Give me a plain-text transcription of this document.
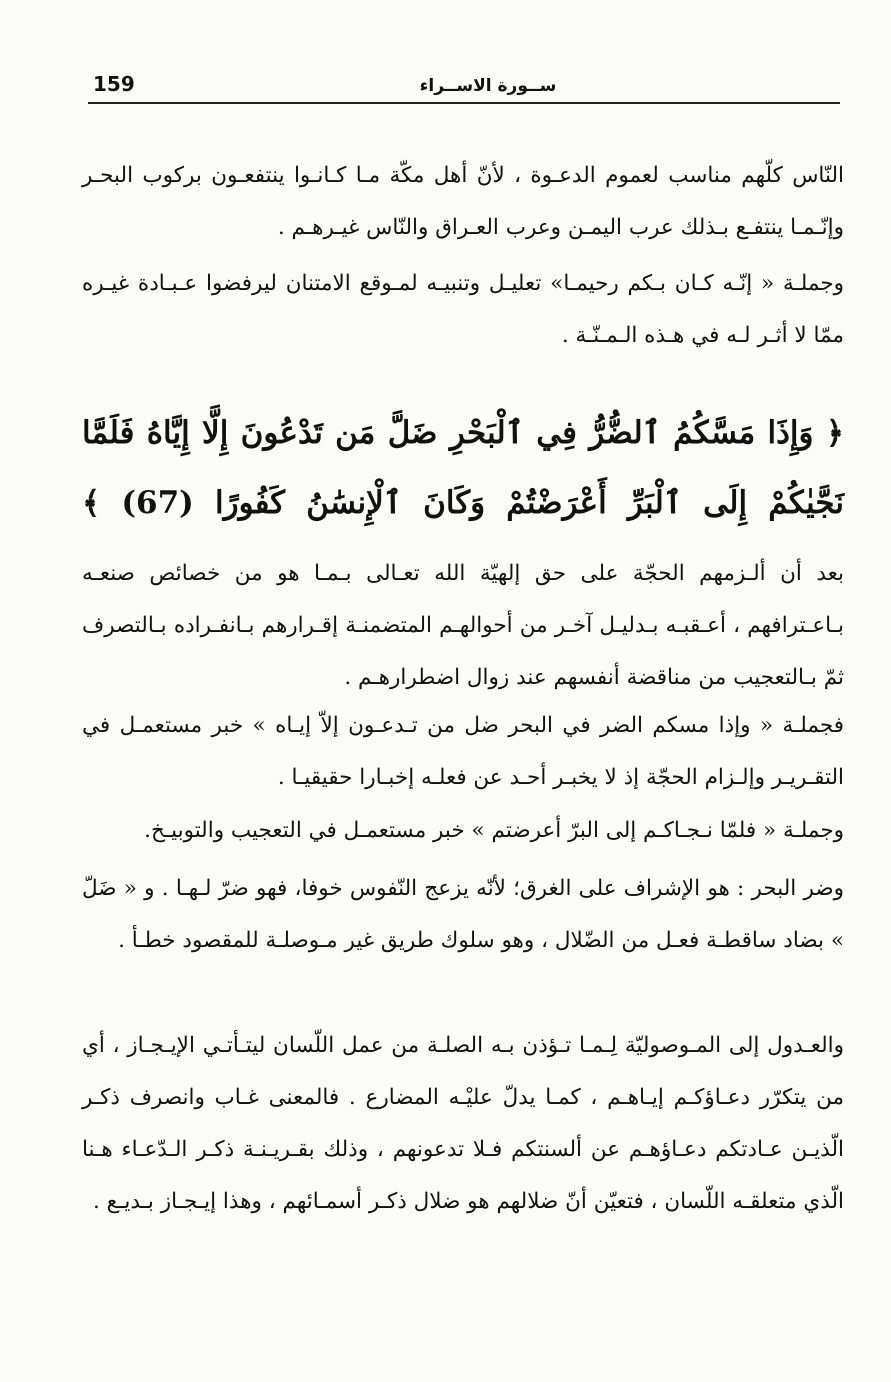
159	ســورة الاســراء

النّاس كلّهم مناسب لعموم الدعـوة ، لأنّ أهل مكّة مـا كـانـوا ينتفعـون بركوب البحـر وإنّـمـا ينتفـع بـذلك عرب اليمـن وعرب العـراق والنّاس غيـرهـم .

وجملـة « إنّـه كـان بـكم رحيمـا» تعليـل وتنبيـه لمـوقع الامتنان ليرفضوا عـبـادة غيـره ممّا لا أثـر لـه في هـذه الـمـنّـة .

﴿ وَإِذَا مَسَّكُمُ ٱلضُّرُّ فِي ٱلْبَحْرِ ضَلَّ مَن تَدْعُونَ إِلَّا إِيَّاهُ فَلَمَّا نَجَّيٰكُمْ إِلَى ٱلْبَرِّ أَعْرَضْتُمْ وَكَانَ ٱلْإِنسَٰنُ كَفُورًا (67) ﴾

بعد أن ألـزمهم الحجّة على حق إلهيّة الله تعـالى بـمـا هو من خصائص صنعـه بـاعـترافهم ، أعـقبـه بـدليـل آخـر من أحوالهـم المتضمنـة إقـرارهم بـانفـراده بـالتصرف ثمّ بـالتعجيب من مناقضة أنفسهم عند زوال اضطرارهـم .

فجملـة « وإذا مسكم الضر في البحر ضل من تـدعـون إلاّ إيـاه » خبر مستعمـل في التقـريـر وإلـزام الحجّة إذ لا يخبـر أحـد عن فعلـه إخبـارا حقيقيـا .

وجملـة « فلمّا نـجـاكـم إلى البرّ أعرضتم » خبر مستعمـل في التعجيب والتوبيـخ.

وضر البحر : هو الإشراف على الغرق؛ لأنّه يزعج النّفوس خوفا، فهو ضرّ لـهـا . و « ضَلّ » بضاد ساقطـة فعـل من الضّلال ، وهو سلوك طريق غير مـوصلـة للمقصود خطـأ .

والعـدول إلى المـوصوليّة لِـمـا تـؤذن بـه الصلـة من عمل اللّسان ليتـأتـي الإيـجـاز ، أي من يتكرّر دعـاؤكـم إيـاهـم ، كمـا يدلّ عليْـه المضارع . فالمعنى غـاب وانصرف ذكـر الّذيـن عـادتكم دعـاؤهـم عن ألسنتكم فـلا تدعونهم ، وذلك بقـريـنـة ذكـر الـدّعـاء هـنا الّذي متعلقـه اللّسان ، فتعيّن أنّ ضلالهم هو ضلال ذكـر أسمـائهم ، وهذا إيـجـاز بـديـع .
